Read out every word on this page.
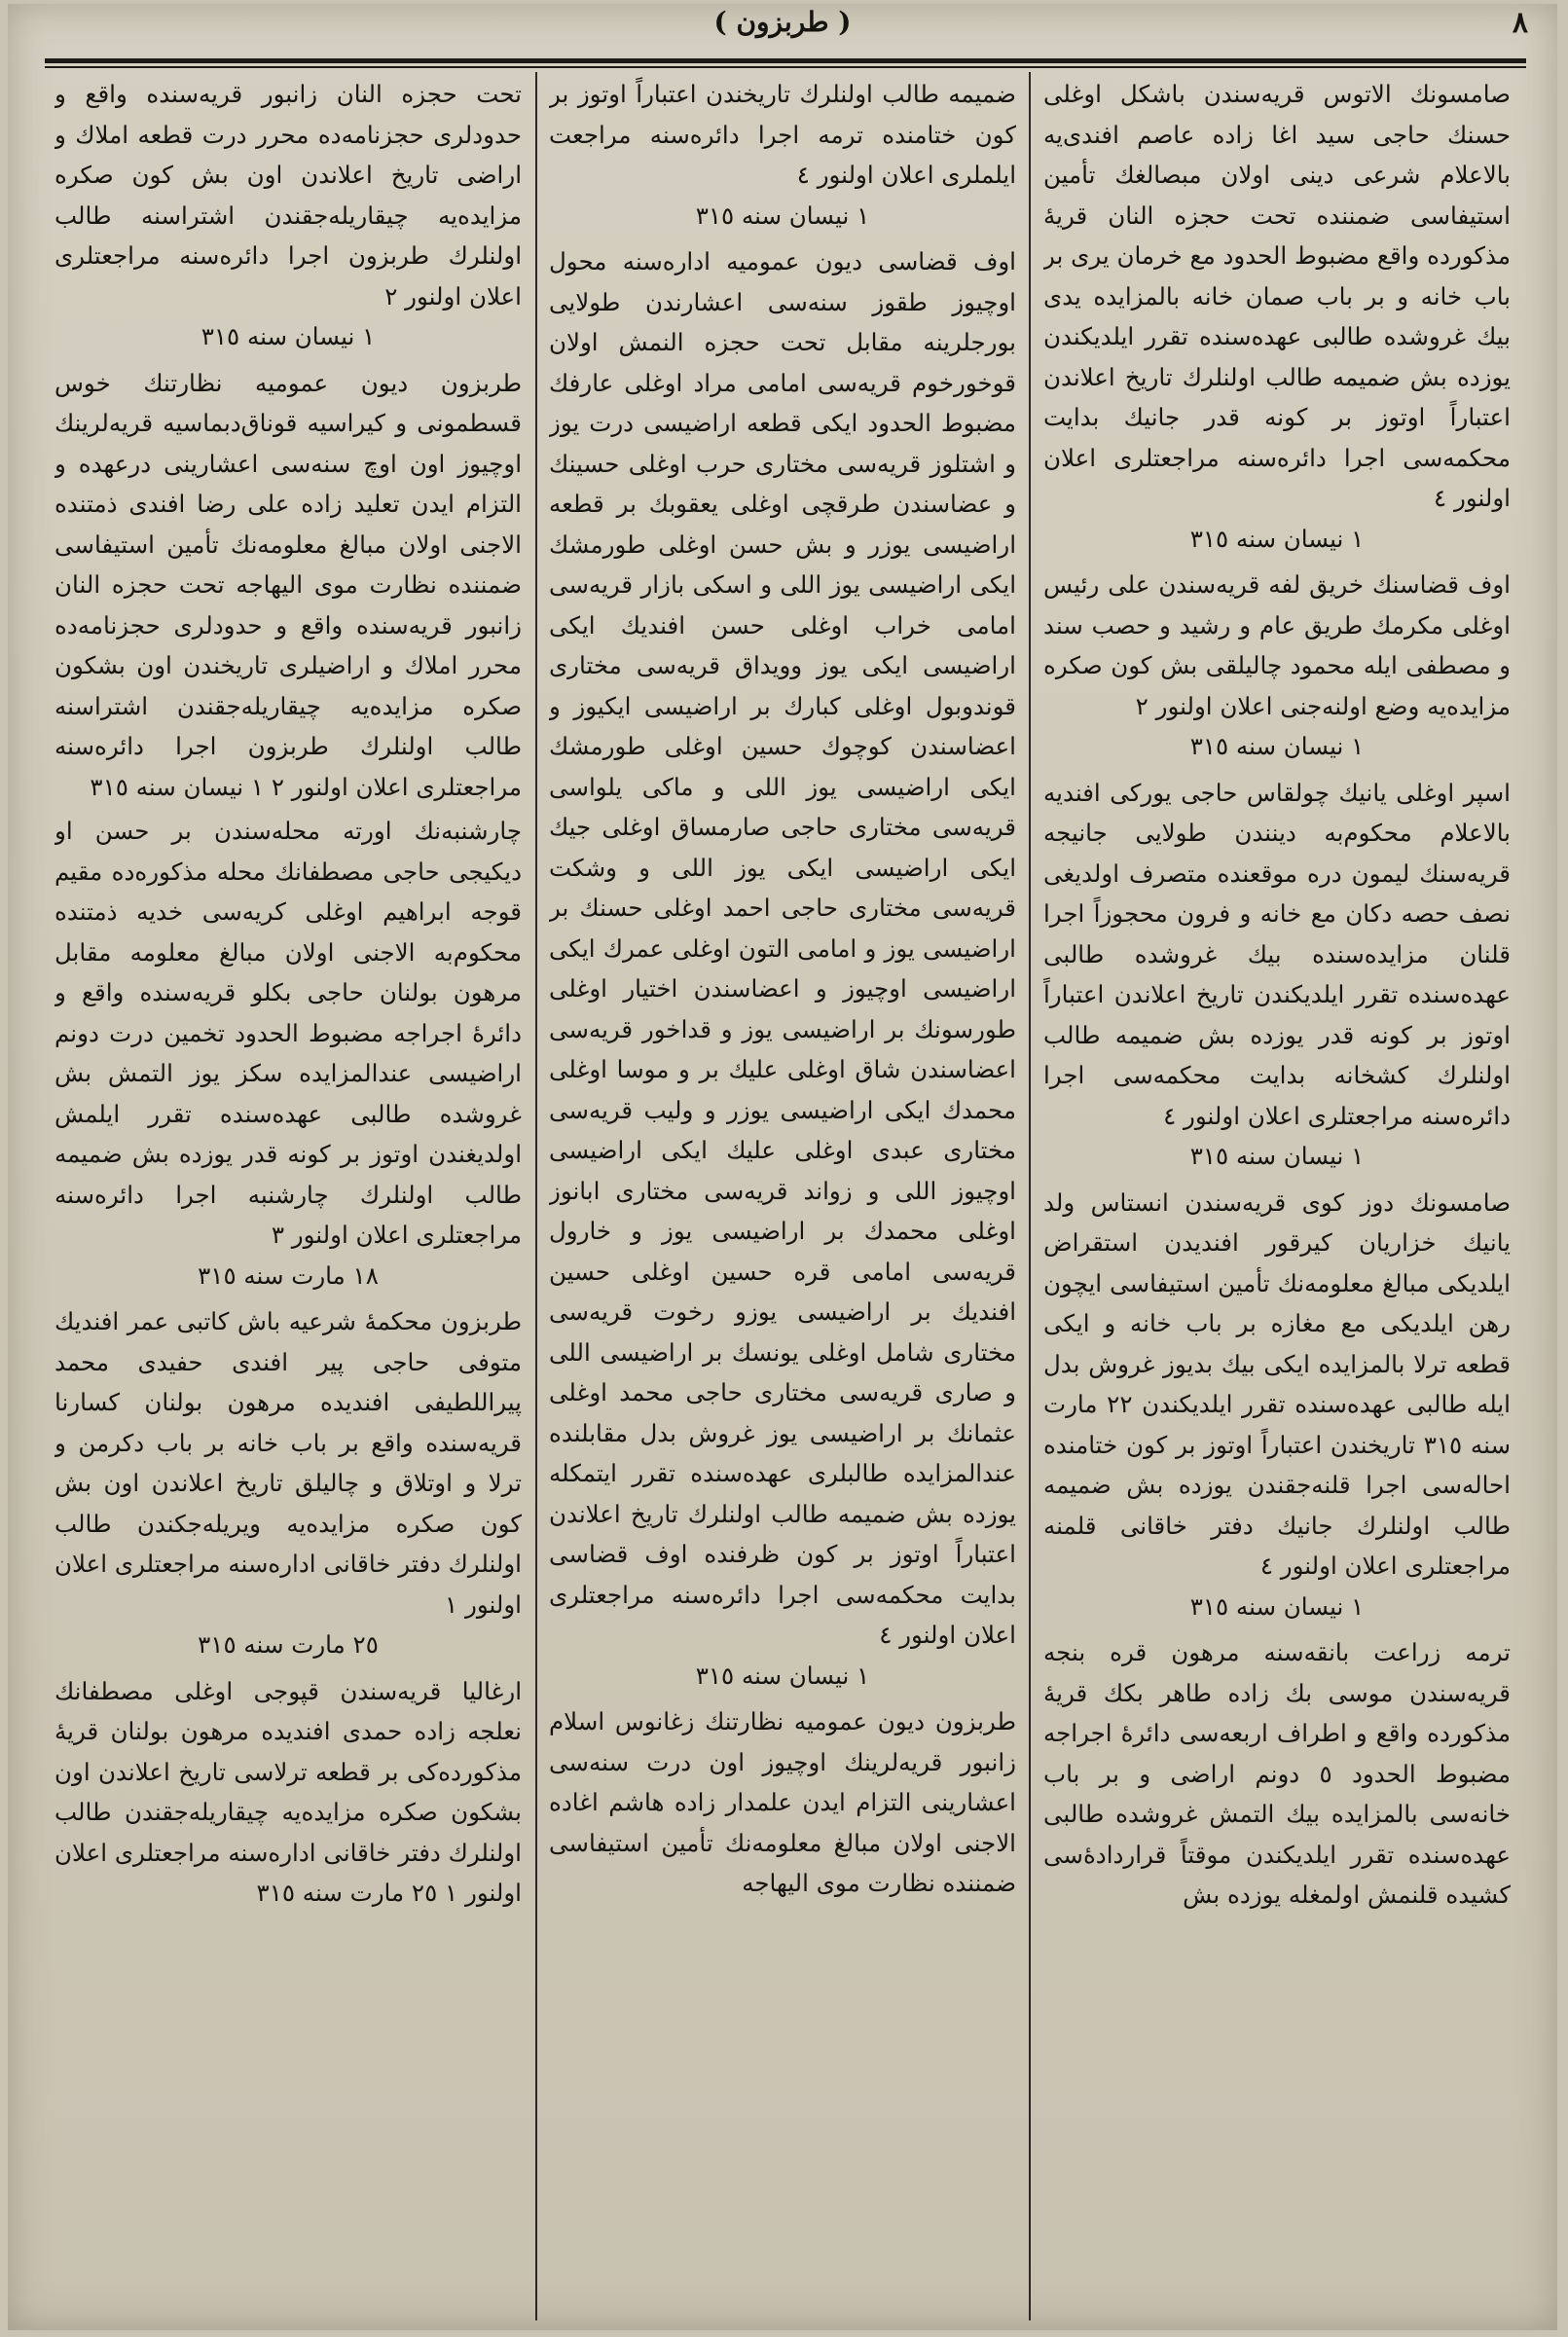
٨
( طربزون )
صامسونك الاتوس قريه‌سندن باشكل اوغلى حسنك حاجى سيد اغا زاده عاصم افندى‌يه بالاعلام شرعى دينى اولان مبصالغك تأمين استيفاسى ضمننده تحت حجزه النان قريهٔ مذكورده واقع مضبوط الحدود مع خرمان يرى بر باب خانه و بر باب صمان خانه بالمزايده يدى بيك غروشده طالبى عهده‌سنده تقرر ايلديكندن يوزده بش ضميمه طالب اولنلرك تاريخ اعلاندن اعتباراً اوتوز بر كونه قدر جانيك بدايت محكمه‌سى اجرا دائره‌سنه مراجعتلرى اعلان اولنور ٤
١ نيسان سنه ٣١٥
اوف قضاسنك خريق لفه قريه‌سندن على رئيس اوغلى مكرمك طريق عام و رشيد و حصب سند و مصطفى ايله محمود چاليلقى بش كون صكره مزايده‌يه وضع اولنه‌جنى اعلان اولنور ٢
١ نيسان سنه ٣١٥
اسپر اوغلى يانيك چولقاس حاجى يوركى افنديه بالاعلام محكوم‌به دينندن طولايى جانيجه قريه‌سنك ليمون دره موقعنده متصرف اولديغى نصف حصه دكان مع خانه و فرون محجوزاً اجرا قلنان مزايده‌سنده بيك غروشده طالبى عهده‌سنده تقرر ايلديكندن تاريخ اعلاندن اعتباراً اوتوز بر كونه قدر يوزده بش ضميمه طالب اولنلرك كشخانه بدايت محكمه‌سى اجرا دائره‌سنه مراجعتلرى اعلان اولنور ٤
١ نيسان سنه ٣١٥
صامسونك دوز كوى قريه‌سندن انستاس ولد يانيك خزاريان كيرقور افنديدن استقراض ايلديكى مبالغ معلومه‌نك تأمين استيفاسى ايچون رهن ايلديكى مع مغازه بر باب خانه و ايكى قطعه ترلا بالمزايده ايكى بيك بديوز غروش بدل ايله طالبى عهده‌سنده تقرر ايلديكندن ٢٢ مارت سنه ٣١٥ تاريخندن اعتباراً اوتوز بر كون ختامنده احاله‌سى اجرا قلنه‌جقندن يوزده بش ضميمه طالب اولنلرك جانيك دفتر خاقانى قلمنه مراجعتلرى اعلان اولنور ٤
١ نيسان سنه ٣١٥
ترمه زراعت بانقه‌سنه مرهون قره بنجه قريه‌سندن موسى بك زاده طاهر بكك قريهٔ مذكورده واقع و اطراف اربعه‌سى دائرهٔ اجراجه مضبوط الحدود ٥ دونم اراضى و بر باب خانه‌سى بالمزايده بيك التمش غروشده طالبى عهده‌سنده تقرر ايلديكندن موقتاً قراردادهٔ‌سى كشيده قلنمش اولمغله يوزده بش
ضميمه طالب اولنلرك تاريخندن اعتباراً اوتوز بر كون ختامنده ترمه اجرا دائره‌سنه مراجعت ايلملرى اعلان اولنور ٤
١ نيسان سنه ٣١٥
اوف قضاسى ديون عموميه اداره‌سنه محول اوچيوز طقوز سنه‌سى اعشارندن طولايى بورجلرينه مقابل تحت حجزه النمش اولان قوخورخوم قريه‌سى امامى مراد اوغلى عارفك مضبوط الحدود ايكى قطعه اراضيسى درت يوز و اشتلوز قريه‌سى مختارى حرب اوغلى حسينك و عضاسندن طرقچى اوغلى يعقوبك بر قطعه اراضيسى يوزر و بش حسن اوغلى طورمشك ايكى اراضيسى يوز اللى و اسكى بازار قريه‌سى امامى خراب اوغلى حسن افنديك ايكى اراضيسى ايكى يوز وويداق قريه‌سى مختارى قوندوبول اوغلى كبارك بر اراضيسى ايكيوز و اعضاسندن كوچوك حسين اوغلى طورمشك ايكى اراضيسى يوز اللى و ماكى يلواسى قريه‌سى مختارى حاجى صارمساق اوغلى جيك ايكى اراضيسى ايكى يوز اللى و وشكت قريه‌سى مختارى حاجى احمد اوغلى حسنك بر اراضيسى يوز و امامى التون اوغلى عمرك ايكى اراضيسى اوچيوز و اعضاسندن اختيار اوغلى طورسونك بر اراضيسى يوز و قداخور قريه‌سى اعضاسندن شاق اوغلى عليك بر و موسا اوغلى محمدك ايكى اراضيسى يوزر و وليب قريه‌سى مختارى عبدى اوغلى عليك ايكى اراضيسى اوچيوز اللى و زواند قريه‌سى مختارى ابانوز اوغلى محمدك بر اراضيسى يوز و خارول قريه‌سى امامى قره حسين اوغلى حسين افنديك بر اراضيسى يوزو رخوت قريه‌سى مختارى شامل اوغلى يونسك بر اراضيسى اللى و صارى قريه‌سى مختارى حاجى محمد اوغلى عثمانك بر اراضيسى يوز غروش بدل مقابلنده عندالمزايده طالبلرى عهده‌سنده تقرر ايتمكله يوزده بش ضميمه طالب اولنلرك تاريخ اعلاندن اعتباراً اوتوز بر كون ظرفنده اوف قضاسى بدايت محكمه‌سى اجرا دائره‌سنه مراجعتلرى اعلان اولنور ٤
١ نيسان سنه ٣١٥
طربزون ديون عموميه نظارتنك زغانوس اسلام زانبور قريه‌لرينك اوچيوز اون درت سنه‌سى اعشارينى التزام ايدن علمدار زاده هاشم اغاده الاجنى اولان مبالغ معلومه‌نك تأمين استيفاسى ضمننده نظارت موى اليهاجه
تحت حجزه النان زانبور قريه‌سنده واقع و حدودلرى حجزنامه‌ده محرر درت قطعه املاك و اراضى تاريخ اعلاندن اون بش كون صكره مزايده‌يه چيقاريله‌جقندن اشتراسنه طالب اولنلرك طربزون اجرا دائره‌سنه مراجعتلرى اعلان اولنور ٢
١ نيسان سنه ٣١٥
طربزون ديون عموميه نظارتنك خوس قسطمونى و كيراسيه قوناق‌دبماسيه قريه‌لرينك اوچيوز اون اوچ سنه‌سى اعشارينى درعهده و التزام ايدن تعليد زاده على رضا افندى ذمتنده الاجنى اولان مبالغ معلومه‌نك تأمين استيفاسى ضمننده نظارت موى اليهاجه تحت حجزه النان زانبور قريه‌سنده واقع و حدودلرى حجزنامه‌ده محرر املاك و اراضيلرى تاريخندن اون بشكون صكره مزايده‌يه چيقاريله‌جقندن اشتراسنه طالب اولنلرك طربزون اجرا دائره‌سنه مراجعتلرى اعلان اولنور ٢ ١ نيسان سنه ٣١٥
چارشنبه‌نك اورته محله‌سندن بر حسن او ديكيجى حاجى مصطفانك محله مذكوره‌ده مقيم قوجه ابراهيم اوغلى كريه‌سى خديه ذمتنده محكوم‌به الاجنى اولان مبالغ معلومه مقابل مرهون بولنان حاجى بكلو قريه‌سنده واقع و دائرهٔ اجراجه مضبوط الحدود تخمين درت دونم اراضيسى عندالمزايده سكز يوز التمش بش غروشده طالبى عهده‌سنده تقرر ايلمش اولديغندن اوتوز بر كونه قدر يوزده بش ضميمه طالب اولنلرك چارشنبه اجرا دائره‌سنه مراجعتلرى اعلان اولنور ٣
١٨ مارت سنه ٣١٥
طربزون محكمهٔ شرعيه باش كاتبى عمر افنديك متوفى حاجى پير افندى حفيدى محمد پيراللطيفى افنديده مرهون بولنان كسارنا قريه‌سنده واقع بر باب خانه بر باب دكرمن و ترلا و اوتلاق و چاليلق تاريخ اعلاندن اون بش كون صكره مزايده‌يه ويريله‌جكندن طالب اولنلرك دفتر خاقانى اداره‌سنه مراجعتلرى اعلان اولنور ١
٢٥ مارت سنه ٣١٥
ارغاليا قريه‌سندن قپوجى اوغلى مصطفانك نعلجه زاده حمدى افنديده مرهون بولنان قريهٔ مذكورده‌كى بر قطعه ترلاسى تاريخ اعلاندن اون بشكون صكره مزايده‌يه چيقاريله‌جقندن طالب اولنلرك دفتر خاقانى اداره‌سنه مراجعتلرى اعلان اولنور ١ ٢٥ مارت سنه ٣١٥
